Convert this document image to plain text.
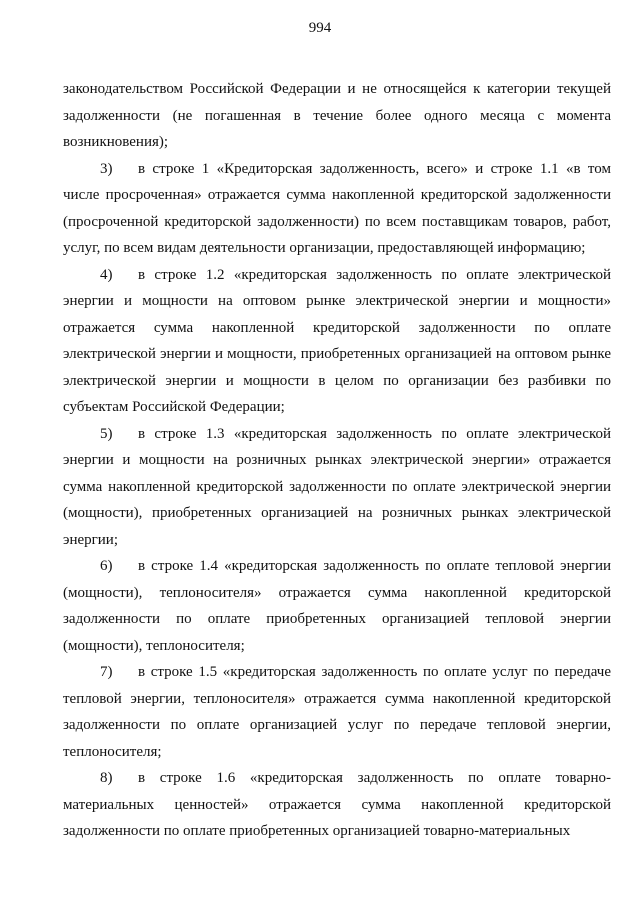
994

законодательством Российской Федерации и не относящейся к категории текущей задолженности (не погашенная в течение более одного месяца с момента возникновения);

3) в строке 1 «Кредиторская задолженность, всего» и строке 1.1 «в том числе просроченная» отражается сумма накопленной кредиторской задолженности (просроченной кредиторской задолженности) по всем поставщикам товаров, работ, услуг, по всем видам деятельности организации, предоставляющей информацию;

4) в строке 1.2 «кредиторская задолженность по оплате электрической энергии и мощности на оптовом рынке электрической энергии и мощности» отражается сумма накопленной кредиторской задолженности по оплате электрической энергии и мощности, приобретенных организацией на оптовом рынке электрической энергии и мощности в целом по организации без разбивки по субъектам Российской Федерации;

5) в строке 1.3 «кредиторская задолженность по оплате электрической энергии и мощности на розничных рынках электрической энергии» отражается сумма накопленной кредиторской задолженности по оплате электрической энергии (мощности), приобретенных организацией на розничных рынках электрической энергии;

6) в строке 1.4 «кредиторская задолженность по оплате тепловой энергии (мощности), теплоносителя» отражается сумма накопленной кредиторской задолженности по оплате приобретенных организацией тепловой энергии (мощности), теплоносителя;

7) в строке 1.5 «кредиторская задолженность по оплате услуг по передаче тепловой энергии, теплоносителя» отражается сумма накопленной кредиторской задолженности по оплате организацией услуг по передаче тепловой энергии, теплоносителя;

8) в строке 1.6 «кредиторская задолженность по оплате товарно-материальных ценностей» отражается сумма накопленной кредиторской задолженности по оплате приобретенных организацией товарно-материальных
